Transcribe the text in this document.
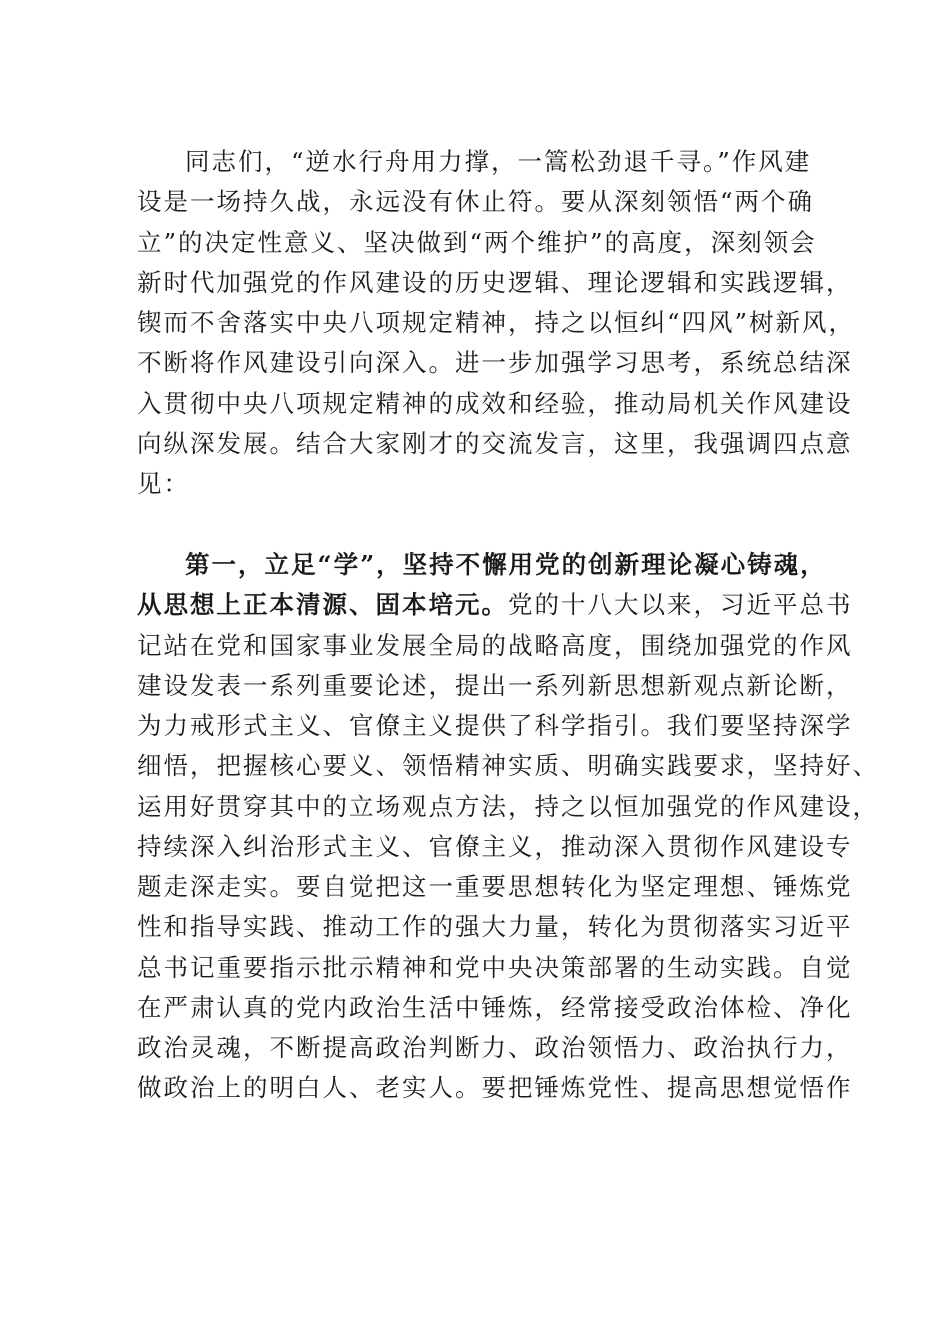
同志们，“逆水行舟用力撑，一篙松劲退千寻。”作风建
设是一场持久战，永远没有休止符。要从深刻领悟“两个确
立”的决定性意义、坚决做到“两个维护”的高度，深刻领会
新时代加强党的作风建设的历史逻辑、理论逻辑和实践逻辑，
锲而不舍落实中央八项规定精神，持之以恒纠“四风”树新风，
不断将作风建设引向深入。进一步加强学习思考，系统总结深
入贯彻中央八项规定精神的成效和经验，推动局机关作风建设
向纵深发展。结合大家刚才的交流发言，这里，我强调四点意
见：
第一，立足“学”，坚持不懈用党的创新理论凝心铸魂，
从思想上正本清源、固本培元。党的十八大以来，习近平总书
记站在党和国家事业发展全局的战略高度，围绕加强党的作风
建设发表一系列重要论述，提出一系列新思想新观点新论断，
为力戒形式主义、官僚主义提供了科学指引。我们要坚持深学
细悟，把握核心要义、领悟精神实质、明确实践要求，坚持好、
运用好贯穿其中的立场观点方法，持之以恒加强党的作风建设，
持续深入纠治形式主义、官僚主义，推动深入贯彻作风建设专
题走深走实。要自觉把这一重要思想转化为坚定理想、锤炼党
性和指导实践、推动工作的强大力量，转化为贯彻落实习近平
总书记重要指示批示精神和党中央决策部署的生动实践。自觉
在严肃认真的党内政治生活中锤炼，经常接受政治体检、净化
政治灵魂，不断提高政治判断力、政治领悟力、政治执行力，
做政治上的明白人、老实人。要把锤炼党性、提高思想觉悟作
